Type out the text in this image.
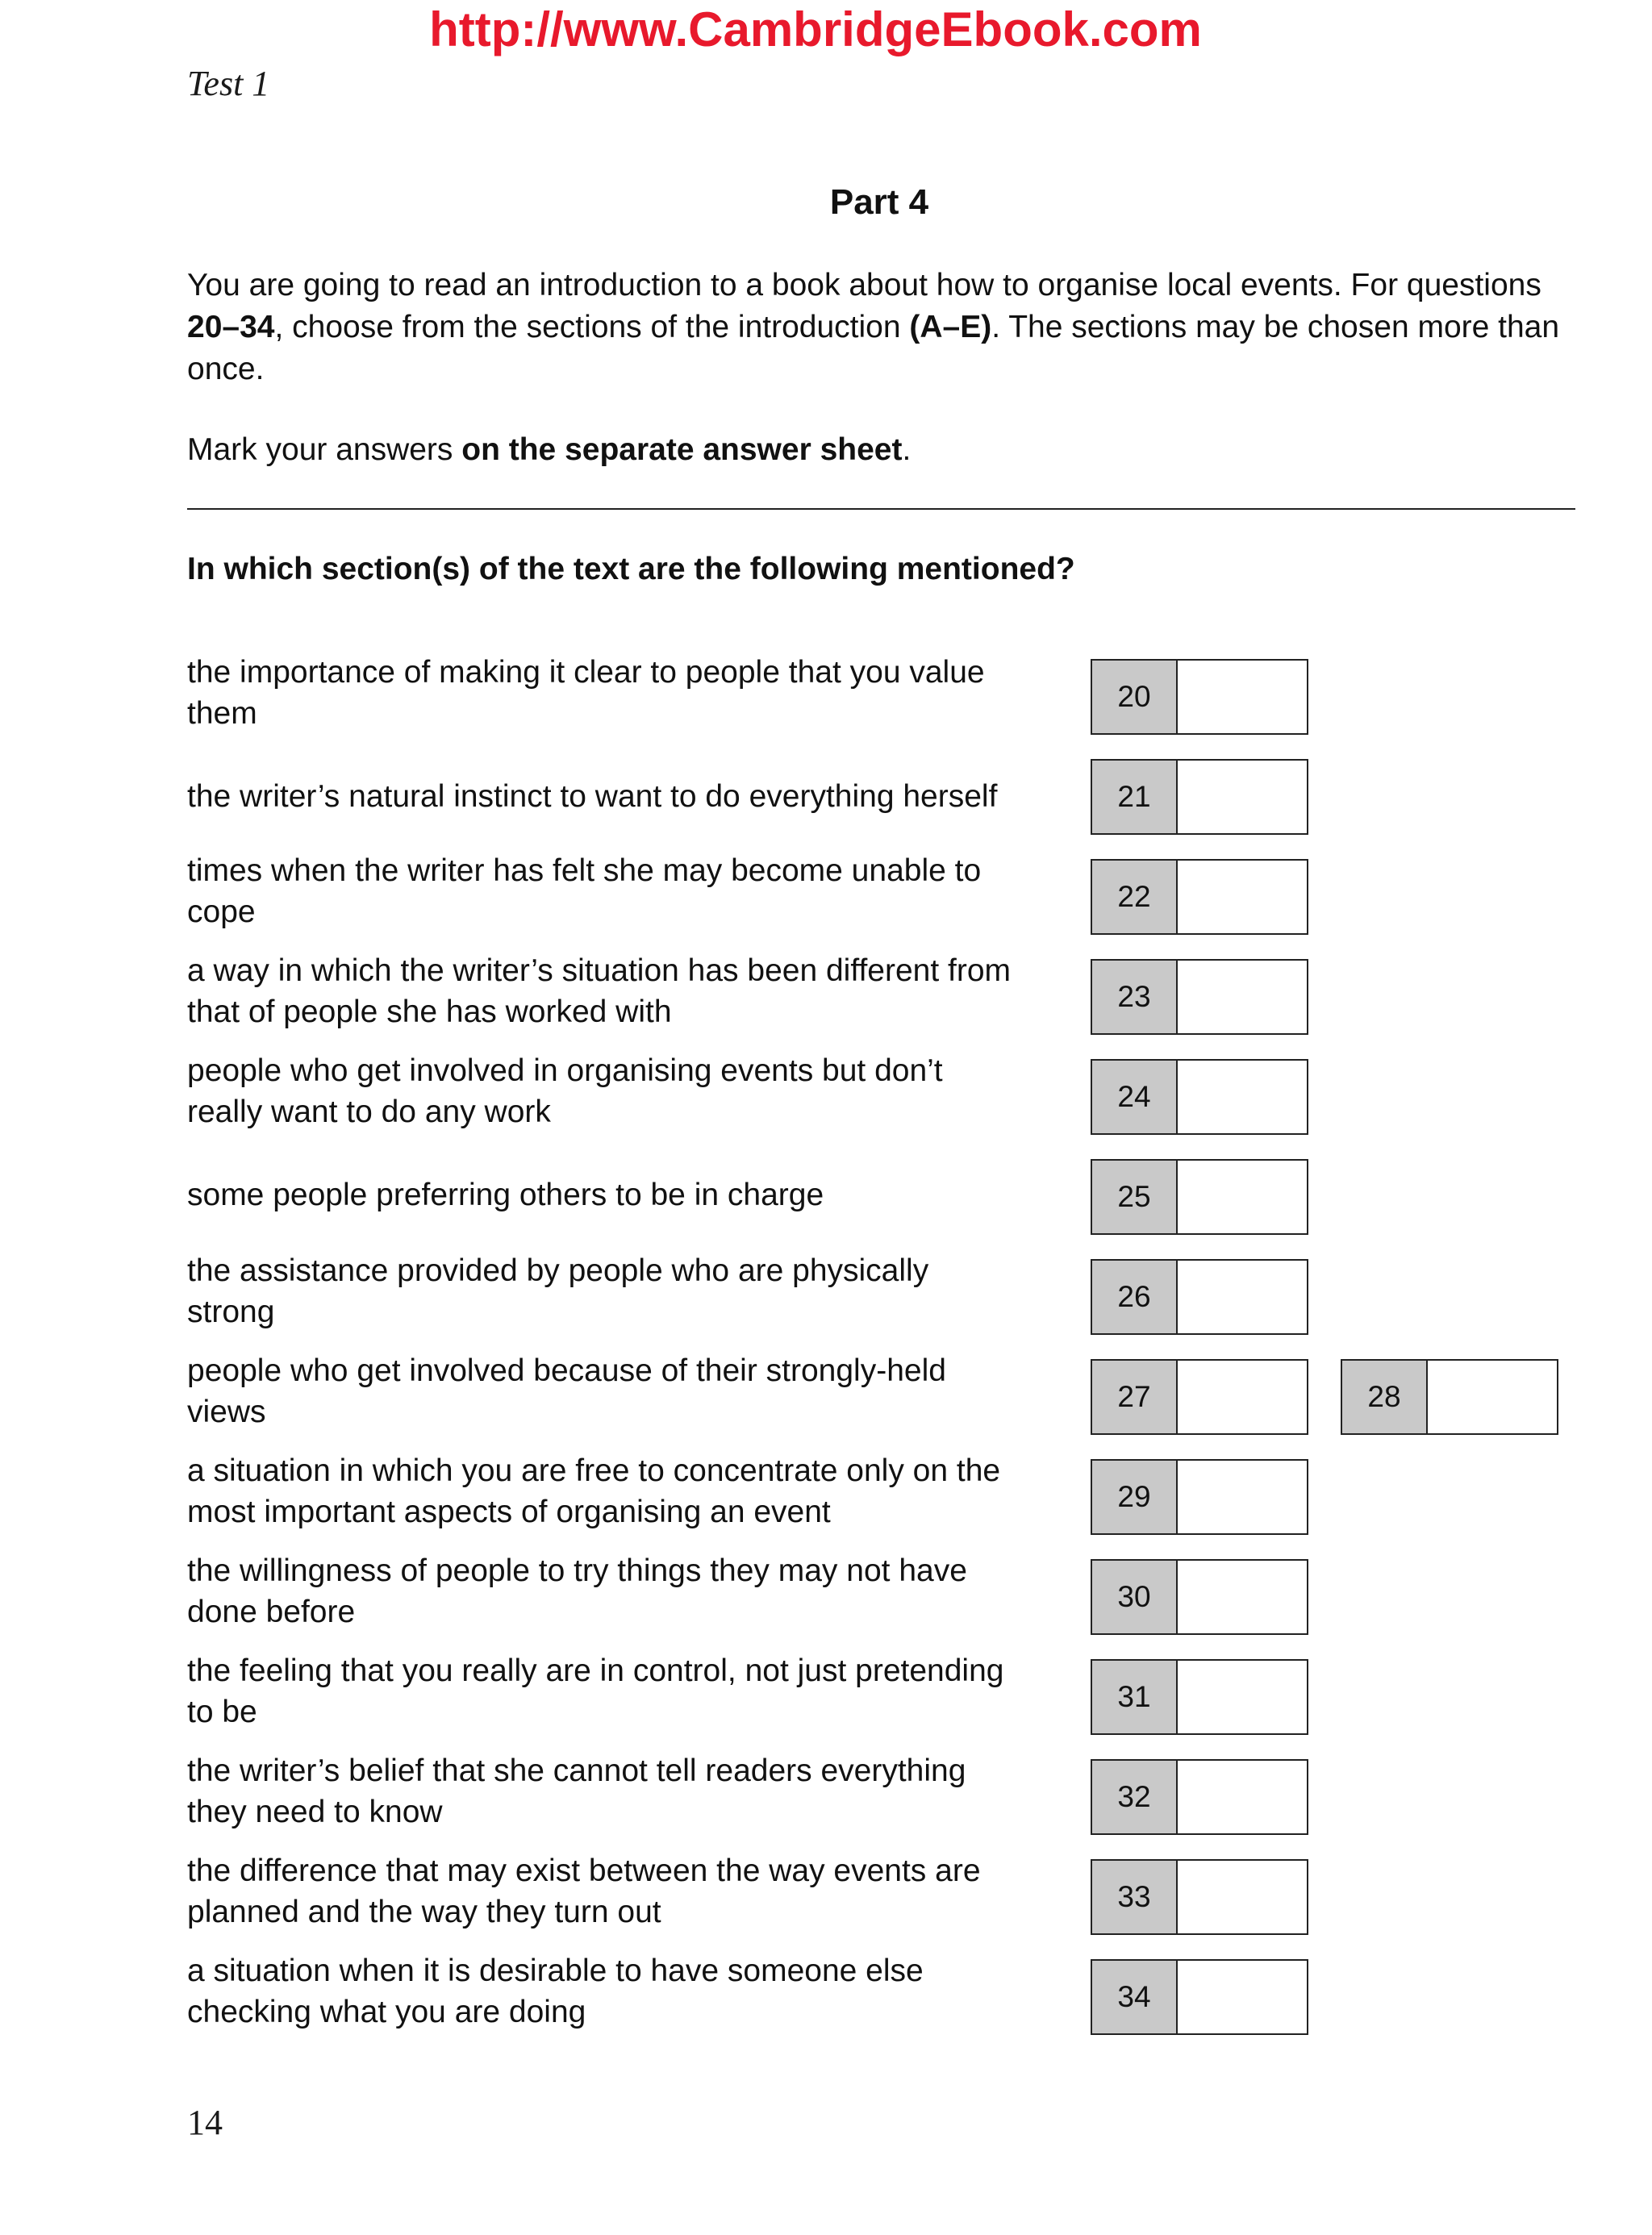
http://www.CambridgeEbook.com
Test 1
Part 4
You are going to read an introduction to a book about how to organise local events. For questions 20–34, choose from the sections of the introduction (A–E). The sections may be chosen more than once.
Mark your answers on the separate answer sheet.
In which section(s) of the text are the following mentioned?
the importance of making it clear to people that you value them	20
the writer’s natural instinct to want to do everything herself	21
times when the writer has felt she may become unable to cope	22
a way in which the writer’s situation has been different from that of people she has worked with	23
people who get involved in organising events but don’t really want to do any work	24
some people preferring others to be in charge	25
the assistance provided by people who are physically strong	26
people who get involved because of their strongly-held views	27	28
a situation in which you are free to concentrate only on the most important aspects of organising an event	29
the willingness of people to try things they may not have done before	30
the feeling that you really are in control, not just pretending to be	31
the writer’s belief that she cannot tell readers everything they need to know	32
the difference that may exist between the way events are planned and the way they turn out	33
a situation when it is desirable to have someone else checking what you are doing	34
14
